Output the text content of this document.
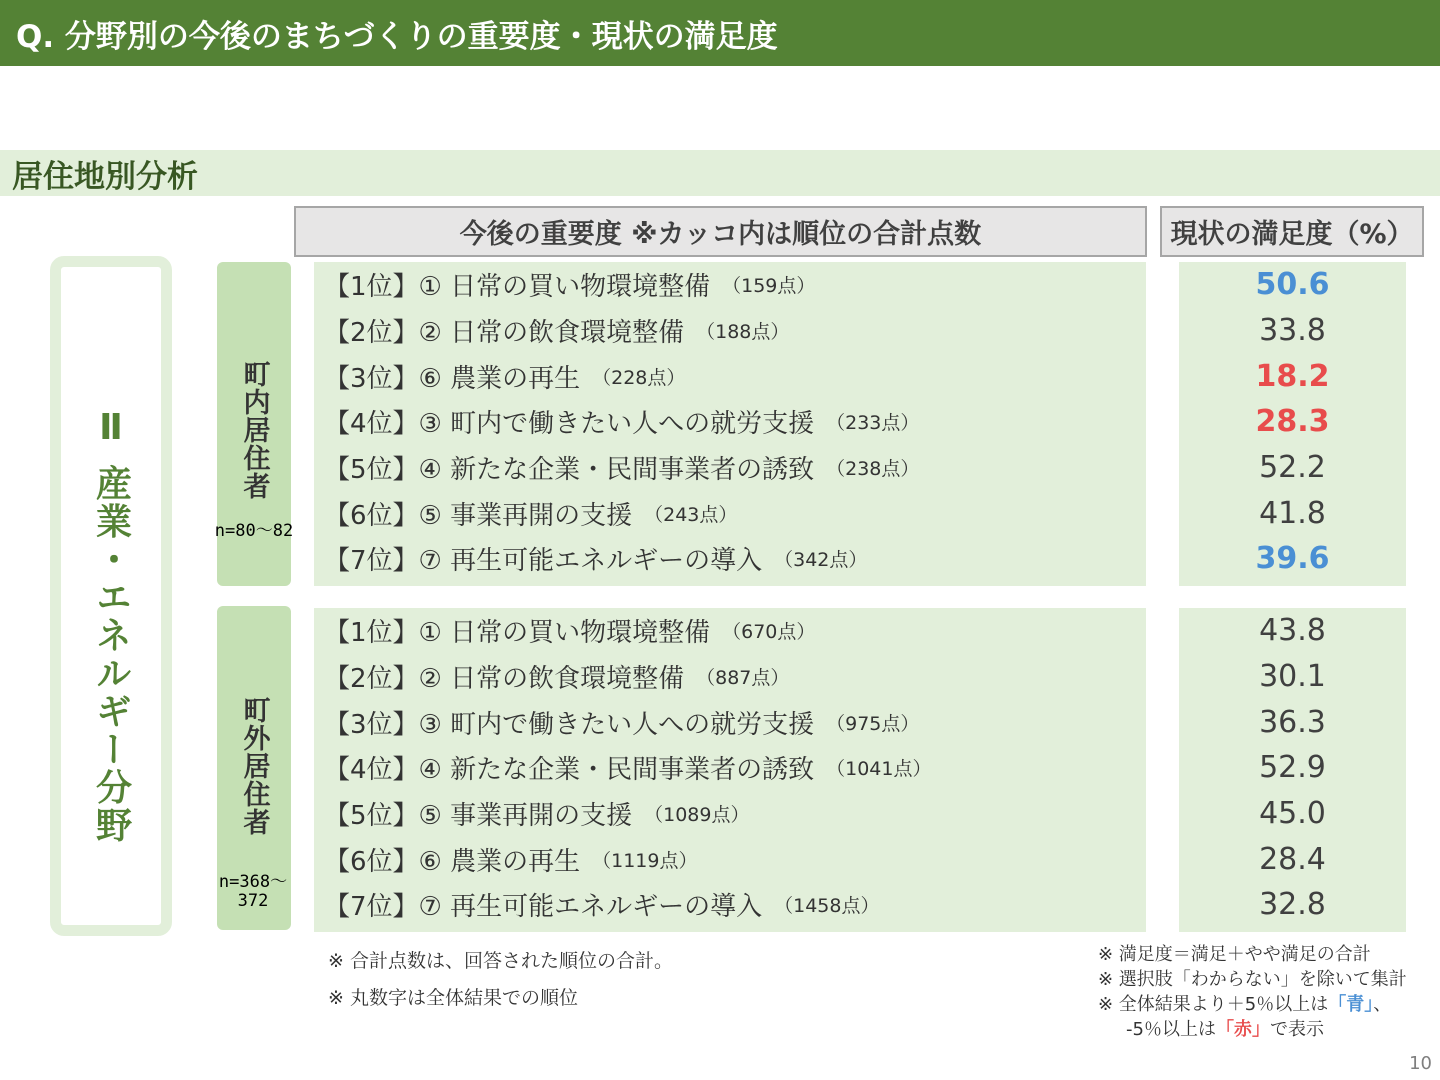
Q. 分野別の今後のまちづくりの重要度・現状の満足度
居住地別分析
今後の重要度 ※カッコ内は順位の合計点数	現状の満足度（%）
Ⅱ 産業・エネルギー分野	町内居住者
n=80～82
【1位】① 日常の買い物環境整備 （159点）
【2位】② 日常の飲食環境整備 （188点）
【3位】⑥ 農業の再生 （228点）
【4位】③ 町内で働きたい人への就労支援 （233点）
【5位】④ 新たな企業・民間事業者の誘致 （238点）
【6位】⑤ 事業再開の支援 （243点）
【7位】⑦ 再生可能エネルギーの導入 （342点）
50.6
33.8
18.2
28.3
52.2
41.8
39.6
町外居住者
n=368～372
【1位】① 日常の買い物環境整備 （670点）
【2位】② 日常の飲食環境整備 （887点）
【3位】③ 町内で働きたい人への就労支援 （975点）
【4位】④ 新たな企業・民間事業者の誘致 （1041点）
【5位】⑤ 事業再開の支援 （1089点）
【6位】⑥ 農業の再生 （1119点）
【7位】⑦ 再生可能エネルギーの導入 （1458点）
43.8
30.1
36.3
52.9
45.0
28.4
32.8
※ 合計点数は、回答された順位の合計。
※ 丸数字は全体結果での順位
※ 満足度＝満足＋やや満足の合計
※ 選択肢「わからない」を除いて集計
※ 全体結果より＋5％以上は「青」、
-5％以上は「赤」で表示
10
